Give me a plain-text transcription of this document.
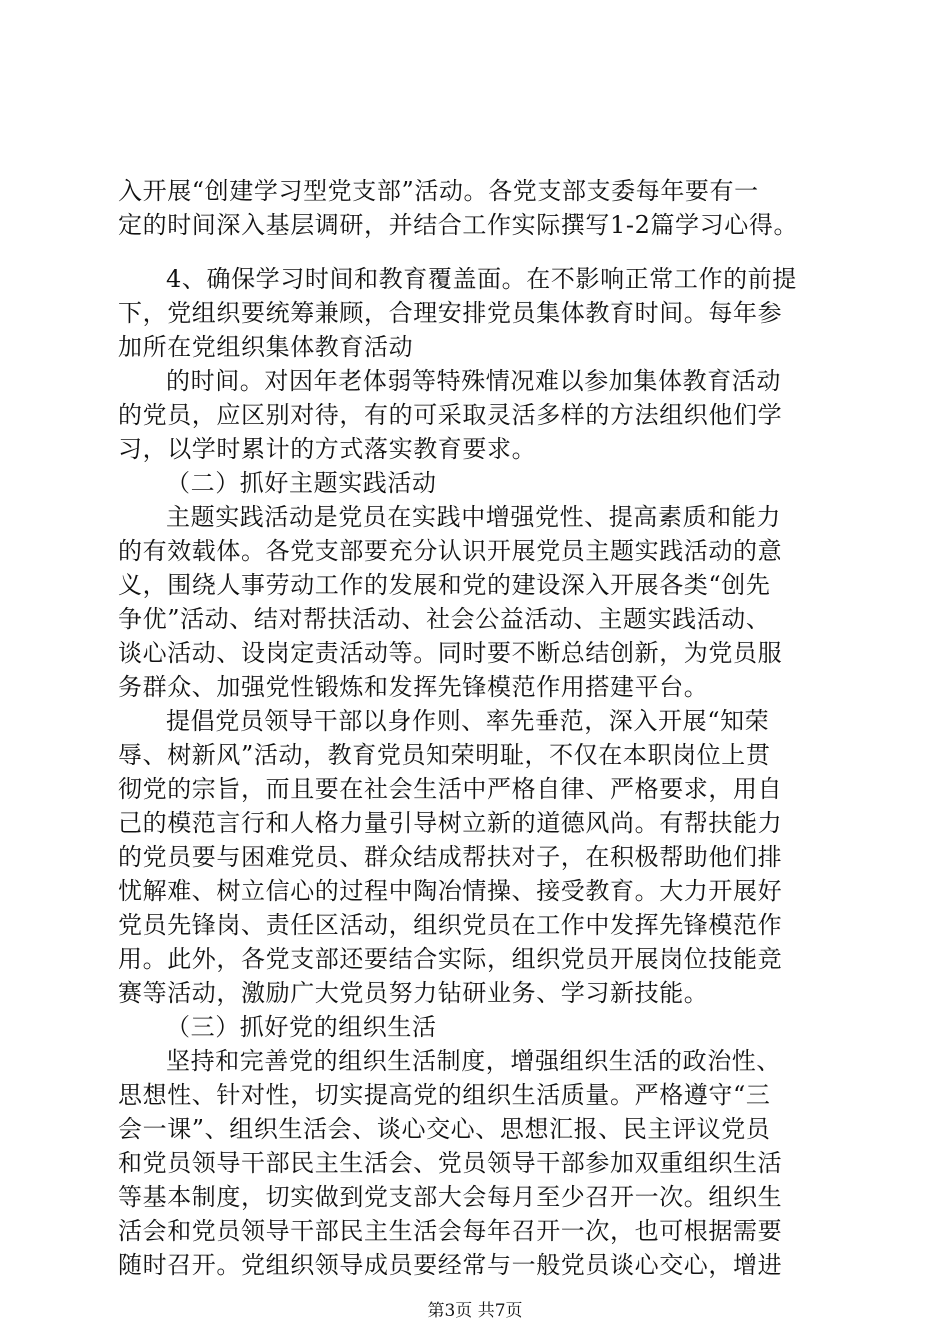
入开展“创建学习型党支部”活动。各党支部支委每年要有一
定的时间深入基层调研，并结合工作实际撰写1-2篇学习心得。
4、确保学习时间和教育覆盖面。在不影响正常工作的前提
下，党组织要统筹兼顾，合理安排党员集体教育时间。每年参
加所在党组织集体教育活动
的时间。对因年老体弱等特殊情况难以参加集体教育活动
的党员，应区别对待，有的可采取灵活多样的方法组织他们学
习，以学时累计的方式落实教育要求。
（二）抓好主题实践活动
主题实践活动是党员在实践中增强党性、提高素质和能力
的有效载体。各党支部要充分认识开展党员主题实践活动的意
义，围绕人事劳动工作的发展和党的建设深入开展各类“创先
争优”活动、结对帮扶活动、社会公益活动、主题实践活动、
谈心活动、设岗定责活动等。同时要不断总结创新，为党员服
务群众、加强党性锻炼和发挥先锋模范作用搭建平台。
提倡党员领导干部以身作则、率先垂范，深入开展“知荣
辱、树新风”活动，教育党员知荣明耻，不仅在本职岗位上贯
彻党的宗旨，而且要在社会生活中严格自律、严格要求，用自
己的模范言行和人格力量引导树立新的道德风尚。有帮扶能力
的党员要与困难党员、群众结成帮扶对子，在积极帮助他们排
忧解难、树立信心的过程中陶冶情操、接受教育。大力开展好
党员先锋岗、责任区活动，组织党员在工作中发挥先锋模范作
用。此外，各党支部还要结合实际，组织党员开展岗位技能竞
赛等活动，激励广大党员努力钻研业务、学习新技能。
（三）抓好党的组织生活
坚持和完善党的组织生活制度，增强组织生活的政治性、
思想性、针对性，切实提高党的组织生活质量。严格遵守“三
会一课”、组织生活会、谈心交心、思想汇报、民主评议党员
和党员领导干部民主生活会、党员领导干部参加双重组织生活
等基本制度，切实做到党支部大会每月至少召开一次。组织生
活会和党员领导干部民主生活会每年召开一次，也可根据需要
随时召开。党组织领导成员要经常与一般党员谈心交心，增进
第3页 共7页
